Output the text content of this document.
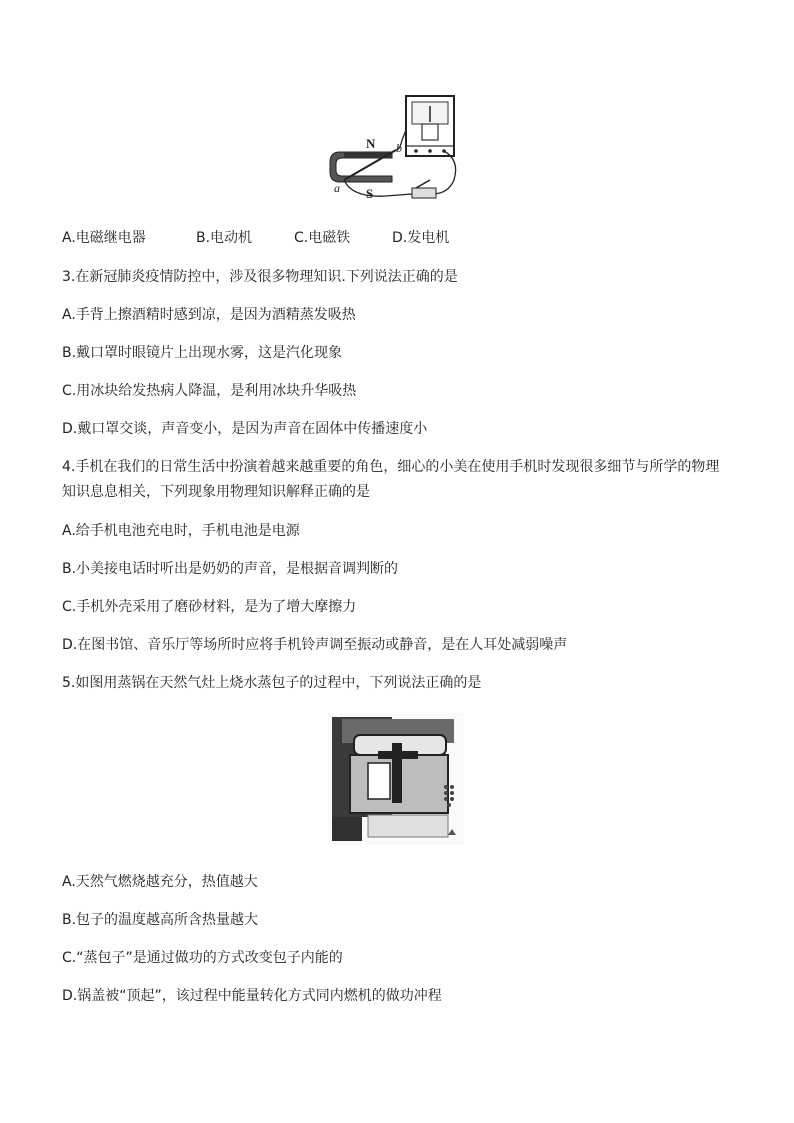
N b
a S
A.电磁继电器	B.电动机	C.电磁铁	D.发电机
3.在新冠肺炎疫情防控中，涉及很多物理知识.下列说法正确的是
A.手背上擦酒精时感到凉，是因为酒精蒸发吸热
B.戴口罩时眼镜片上出现水雾，这是汽化现象
C.用冰块给发热病人降温，是利用冰块升华吸热
D.戴口罩交谈，声音变小，是因为声音在固体中传播速度小
4.手机在我们的日常生活中扮演着越来越重要的角色，细心的小美在使用手机时发现很多细节与所学的物理
知识息息相关，下列现象用物理知识解释正确的是
A.给手机电池充电时，手机电池是电源
B.小美接电话时听出是奶奶的声音，是根据音调判断的
C.手机外壳采用了磨砂材料，是为了增大摩擦力
D.在图书馆、音乐厅等场所时应将手机铃声调至振动或静音，是在人耳处减弱噪声
5.如图用蒸锅在天然气灶上烧水蒸包子的过程中，下列说法正确的是
A.天然气燃烧越充分，热值越大
B.包子的温度越高所含热量越大
C.“蒸包子”是通过做功的方式改变包子内能的
D.锅盖被“顶起”，该过程中能量转化方式同内燃机的做功冲程
